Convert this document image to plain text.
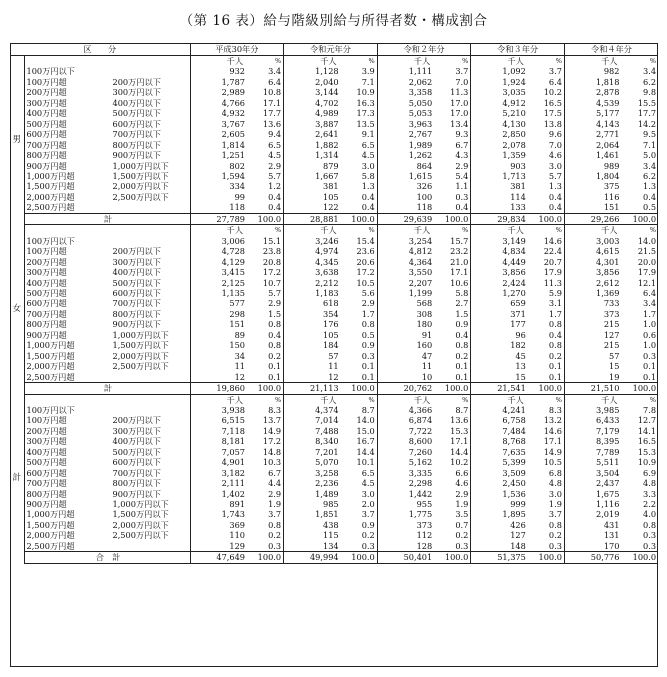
（第 16 表）給与階級別給与所得者数・構成割合
区　　分		平成30年分		令和元年分		令和２年分		令和３年分		令和４年分	
男		千人	%	千人	%	千人	%	千人	%	千人	%
	100万円以下	932	3.4	1,128	3.9	1,111	3.7	1,092	3.7	982	3.4
	100万円超 200万円以下	1,787	6.4	2,040	7.1	2,062	7.0	1,924	6.4	1,818	6.2
	200万円超 300万円以下	2,989	10.8	3,144	10.9	3,358	11.3	3,035	10.2	2,878	9.8
	300万円超 400万円以下	4,766	17.1	4,702	16.3	5,050	17.0	4,912	16.5	4,539	15.5
	400万円超 500万円以下	4,932	17.7	4,989	17.3	5,053	17.0	5,210	17.5	5,177	17.7
	500万円超 600万円以下	3,767	13.6	3,887	13.5	3,963	13.4	4,130	13.8	4,143	14.2
	600万円超 700万円以下	2,605	9.4	2,641	9.1	2,767	9.3	2,850	9.6	2,771	9.5
	700万円超 800万円以下	1,814	6.5	1,882	6.5	1,989	6.7	2,078	7.0	2,064	7.1
	800万円超 900万円以下	1,251	4.5	1,314	4.5	1,262	4.3	1,359	4.6	1,461	5.0
	900万円超 1,000万円以下	802	2.9	879	3.0	864	2.9	903	3.0	989	3.4
	1,000万円超 1,500万円以下	1,594	5.7	1,667	5.8	1,615	5.4	1,713	5.7	1,804	6.2
	1,500万円超 2,000万円以下	334	1.2	381	1.3	326	1.1	381	1.3	375	1.3
	2,000万円超 2,500万円以下	99	0.4	105	0.4	100	0.3	114	0.4	116	0.4
	2,500万円超	118	0.4	122	0.4	118	0.4	133	0.4	151	0.5
	計	27,789	100.0	28,881	100.0	29,639	100.0	29,834	100.0	29,266	100.0
女		千人	%	千人	%	千人	%	千人	%	千人	%
	100万円以下	3,006	15.1	3,246	15.4	3,254	15.7	3,149	14.6	3,003	14.0
	100万円超 200万円以下	4,728	23.8	4,974	23.6	4,812	23.2	4,834	22.4	4,615	21.5
	200万円超 300万円以下	4,129	20.8	4,345	20.6	4,364	21.0	4,449	20.7	4,301	20.0
	300万円超 400万円以下	3,415	17.2	3,638	17.2	3,550	17.1	3,856	17.9	3,856	17.9
	400万円超 500万円以下	2,125	10.7	2,212	10.5	2,207	10.6	2,424	11.3	2,612	12.1
	500万円超 600万円以下	1,135	5.7	1,183	5.6	1,199	5.8	1,270	5.9	1,369	6.4
	600万円超 700万円以下	577	2.9	618	2.9	568	2.7	659	3.1	733	3.4
	700万円超 800万円以下	298	1.5	354	1.7	308	1.5	371	1.7	373	1.7
	800万円超 900万円以下	151	0.8	176	0.8	180	0.9	177	0.8	215	1.0
	900万円超 1,000万円以下	89	0.4	105	0.5	91	0.4	96	0.4	127	0.6
	1,000万円超 1,500万円以下	150	0.8	184	0.9	160	0.8	182	0.8	215	1.0
	1,500万円超 2,000万円以下	34	0.2	57	0.3	47	0.2	45	0.2	57	0.3
	2,000万円超 2,500万円以下	11	0.1	11	0.1	11	0.1	13	0.1	15	0.1
	2,500万円超	12	0.1	12	0.1	10	0.1	15	0.1	19	0.1
	計	19,860	100.0	21,113	100.0	20,762	100.0	21,541	100.0	21,510	100.0
計		千人	%	千人	%	千人	%	千人	%	千人	%
	100万円以下	3,938	8.3	4,374	8.7	4,366	8.7	4,241	8.3	3,985	7.8
	100万円超 200万円以下	6,515	13.7	7,014	14.0	6,874	13.6	6,758	13.2	6,433	12.7
	200万円超 300万円以下	7,118	14.9	7,488	15.0	7,722	15.3	7,484	14.6	7,179	14.1
	300万円超 400万円以下	8,181	17.2	8,340	16.7	8,600	17.1	8,768	17.1	8,395	16.5
	400万円超 500万円以下	7,057	14.8	7,201	14.4	7,260	14.4	7,635	14.9	7,789	15.3
	500万円超 600万円以下	4,901	10.3	5,070	10.1	5,162	10.2	5,399	10.5	5,511	10.9
	600万円超 700万円以下	3,182	6.7	3,258	6.5	3,335	6.6	3,509	6.8	3,504	6.9
	700万円超 800万円以下	2,111	4.4	2,236	4.5	2,298	4.6	2,450	4.8	2,437	4.8
	800万円超 900万円以下	1,402	2.9	1,489	3.0	1,442	2.9	1,536	3.0	1,675	3.3
	900万円超 1,000万円以下	891	1.9	985	2.0	955	1.9	999	1.9	1,116	2.2
	1,000万円超 1,500万円以下	1,743	3.7	1,851	3.7	1,775	3.5	1,895	3.7	2,019	4.0
	1,500万円超 2,000万円以下	369	0.8	438	0.9	373	0.7	426	0.8	431	0.8
	2,000万円超 2,500万円以下	110	0.2	115	0.2	112	0.2	127	0.2	131	0.3
	2,500万円超	129	0.3	134	0.3	128	0.3	148	0.3	170	0.3
	合　計	47,649	100.0	49,994	100.0	50,401	100.0	51,375	100.0	50,776	100.0
